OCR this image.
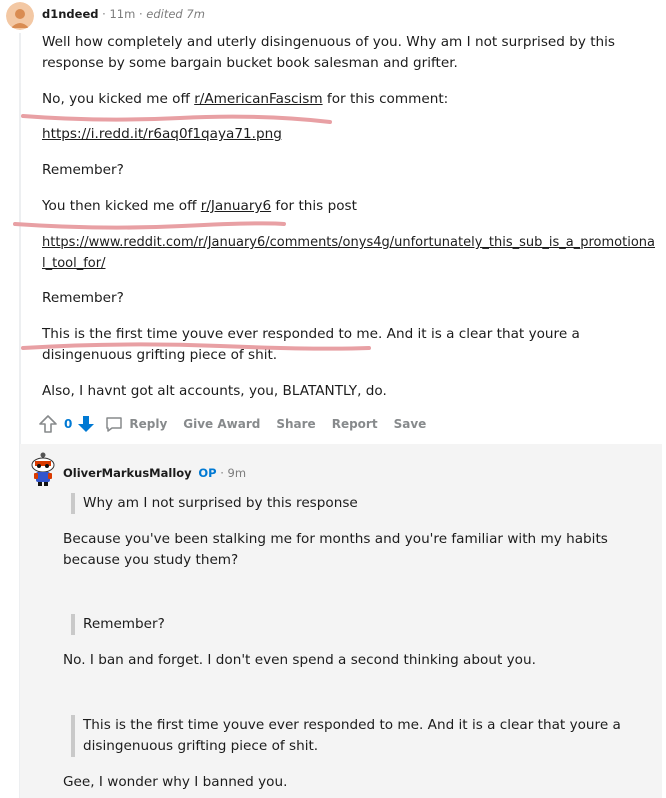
d1ndeed · 11m · edited 7m

Well how completely and uterly disingenuous of you. Why am I not surprised by this response by some bargain bucket book salesman and grifter.

No, you kicked me off r/AmericanFascism for this comment:

https://i.redd.it/r6aq0f1qaya71.png

Remember?

You then kicked me off r/January6 for this post

https://www.reddit.com/r/January6/comments/onys4g/unfortunately_this_sub_is_a_promotional_tool_for/

Remember?

This is the first time youve ever responded to me. And it is a clear that youre a disingenuous grifting piece of shit.

Also, I havnt got alt accounts, you, BLATANTLY, do.

0	Reply Give Award Share Report Save
OliverMarkusMalloy OP · 9m
Why am I not surprised by this response

Because you've been stalking me for months and you're familiar with my habits because you study them?

Remember?

No. I ban and forget. I don't even spend a second thinking about you.

This is the first time youve ever responded to me. And it is a clear that youre a disingenuous grifting piece of shit.

Gee, I wonder why I banned you.
